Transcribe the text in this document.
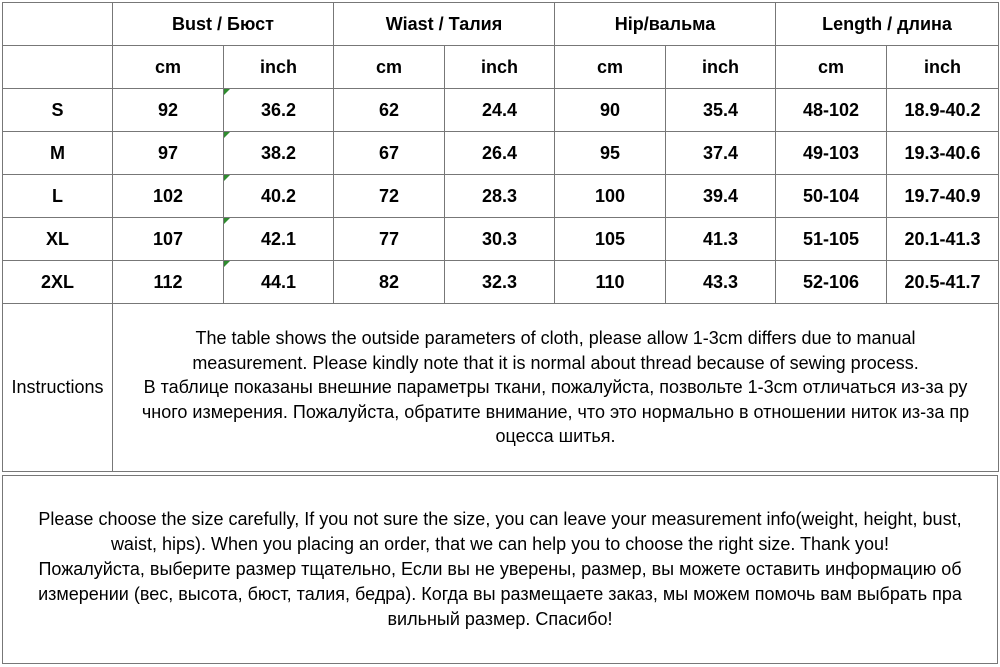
	Bust / Бюст		Wiast / Талия		Hip/вальма		Length / длина	
	cm	inch	cm	inch	cm	inch	cm	inch
S	92	36.2	62	24.4	90	35.4	48-102	18.9-40.2
M	97	38.2	67	26.4	95	37.4	49-103	19.3-40.6
L	102	40.2	72	28.3	100	39.4	50-104	19.7-40.9
XL	107	42.1	77	30.3	105	41.3	51-105	20.1-41.3
2XL	112	44.1	82	32.3	110	43.3	52-106	20.5-41.7
Instructions	The table shows the outside parameters of cloth, please allow 1-3cm differs due to manual
measurement. Please kindly note that it is normal about thread because of sewing process.
В таблице показаны внешние параметры ткани, пожалуйста, позвольте 1-3cm отличаться из-за ру
чного измерения. Пожалуйста, обратите внимание, что это нормально в отношении ниток из-за пр
оцесса шитья.							
Please choose the size carefully, If you not sure the size, you can leave your measurement info(weight, height, bust,
waist, hips). When you placing an order, that we can help you to choose the right size. Thank you!
Пожалуйста, выберите размер тщательно, Если вы не уверены, размер, вы можете оставить информацию об
измерении (вес, высота, бюст, талия, бедра). Когда вы размещаете заказ, мы можем помочь вам выбрать пра
вильный размер. Спасибо!
